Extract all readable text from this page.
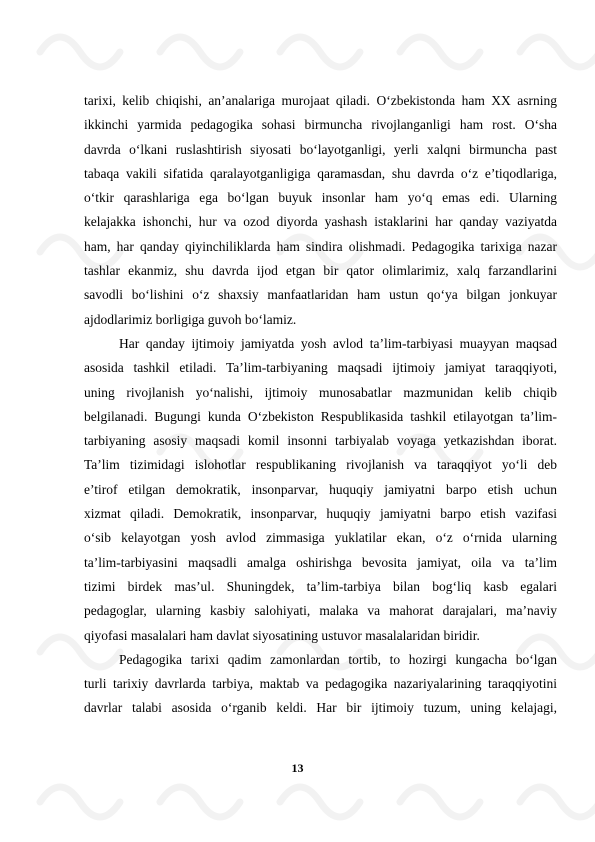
tarixi, kelib chiqishi, an’analariga murojaat qiladi. O‘zbekistonda ham XX asrning
ikkinchi yarmida pedagogika sohasi birmuncha rivojlanganligi ham rost. O‘sha
davrda o‘lkani ruslashtirish siyosati bo‘layotganligi, yerli xalqni birmuncha past
tabaqa vakili sifatida qaralayotganligiga qaramasdan, shu davrda o‘z e’tiqodlariga,
o‘tkir qarashlariga ega bo‘lgan buyuk insonlar ham yo‘q emas edi. Ularning
kelajakka ishonchi, hur va ozod diyorda yashash istaklarini har qanday vaziyatda
ham, har qanday qiyinchiliklarda ham sindira olishmadi. Pedagogika tarixiga nazar
tashlar ekanmiz, shu davrda ijod etgan bir qator olimlarimiz, xalq farzandlarini
savodli bo‘lishini o‘z shaxsiy manfaatlaridan ham ustun qo‘ya bilgan jonkuyar
ajdodlarimiz borligiga guvoh bo‘lamiz.
Har qanday ijtimoiy jamiyatda yosh avlod ta’lim-tarbiyasi muayyan maqsad
asosida tashkil etiladi. Ta’lim-tarbiyaning maqsadi ijtimoiy jamiyat taraqqiyoti,
uning rivojlanish yo‘nalishi, ijtimoiy munosabatlar mazmunidan kelib chiqib
belgilanadi. Bugungi kunda O‘zbekiston Respublikasida tashkil etilayotgan ta’lim-
tarbiyaning asosiy maqsadi komil insonni tarbiyalab voyaga yetkazishdan iborat.
Ta’lim tizimidagi islohotlar respublikaning rivojlanish va taraqqiyot yo‘li deb
e’tirof etilgan demokratik, insonparvar, huquqiy jamiyatni barpo etish uchun
xizmat qiladi. Demokratik, insonparvar, huquqiy jamiyatni barpo etish vazifasi
o‘sib kelayotgan yosh avlod zimmasiga yuklatilar ekan, o‘z o‘rnida ularning
ta’lim-tarbiyasini maqsadli amalga oshirishga bevosita jamiyat, oila va ta’lim
tizimi birdek mas’ul. Shuningdek, ta’lim-tarbiya bilan bog‘liq kasb egalari
pedagoglar, ularning kasbiy salohiyati, malaka va mahorat darajalari, ma’naviy
qiyofasi masalalari ham davlat siyosatining ustuvor masalalaridan biridir.
Pedagogika tarixi qadim zamonlardan tortib, to hozirgi kungacha bo‘lgan
turli tarixiy davrlarda tarbiya, maktab va pedagogika nazariyalarining taraqqiyotini
davrlar talabi asosida o‘rganib keldi. Har bir ijtimoiy tuzum, uning kelajagi,
13
